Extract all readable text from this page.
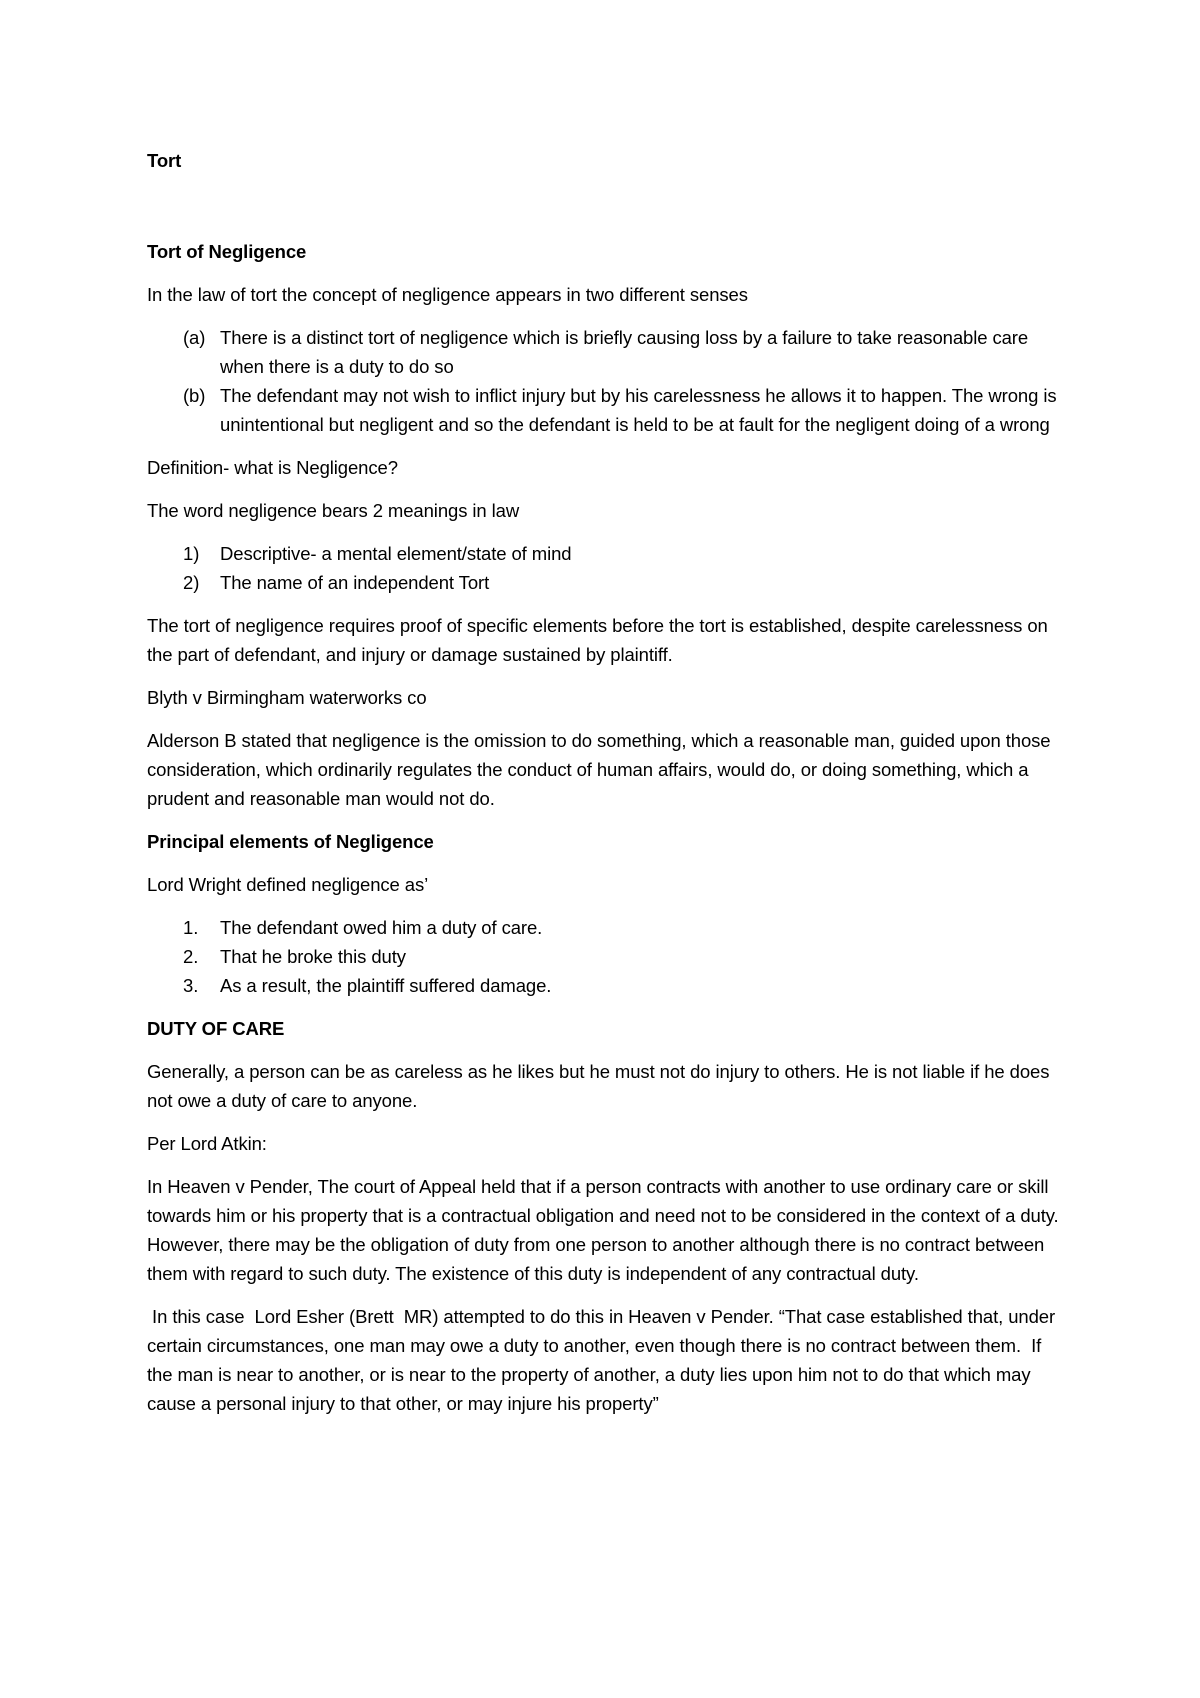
Tort

Tort of Negligence

In the law of tort the concept of negligence appears in two different senses

(a) There is a distinct tort of negligence which is briefly causing loss by a failure to take reasonable care when there is a duty to do so
(b) The defendant may not wish to inflict injury but by his carelessness he allows it to happen. The wrong is unintentional but negligent and so the defendant is held to be at fault for the negligent doing of a wrong

Definition- what is Negligence?

The word negligence bears 2 meanings in law

1) Descriptive- a mental element/state of mind
2) The name of an independent Tort

The tort of negligence requires proof of specific elements before the tort is established, despite carelessness on the part of defendant, and injury or damage sustained by plaintiff.

Blyth v Birmingham waterworks co

Alderson B stated that negligence is the omission to do something, which a reasonable man, guided upon those consideration, which ordinarily regulates the conduct of human affairs, would do, or doing something, which a prudent and reasonable man would not do.

Principal elements of Negligence

Lord Wright defined negligence as’

1. The defendant owed him a duty of care.
2. That he broke this duty
3. As a result, the plaintiff suffered damage.

DUTY OF CARE

Generally, a person can be as careless as he likes but he must not do injury to others. He is not liable if he does not owe a duty of care to anyone.

Per Lord Atkin:

In Heaven v Pender, The court of Appeal held that if a person contracts with another to use ordinary care or skill towards him or his property that is a contractual obligation and need not to be considered in the context of a duty. However, there may be the obligation of duty from one person to another although there is no contract between them with regard to such duty. The existence of this duty is independent of any contractual duty.

In this case  Lord Esher (Brett  MR) attempted to do this in Heaven v Pender. “That case established that, under certain circumstances, one man may owe a duty to another, even though there is no contract between them.  If the man is near to another, or is near to the property of another, a duty lies upon him not to do that which may cause a personal injury to that other, or may injure his property”
